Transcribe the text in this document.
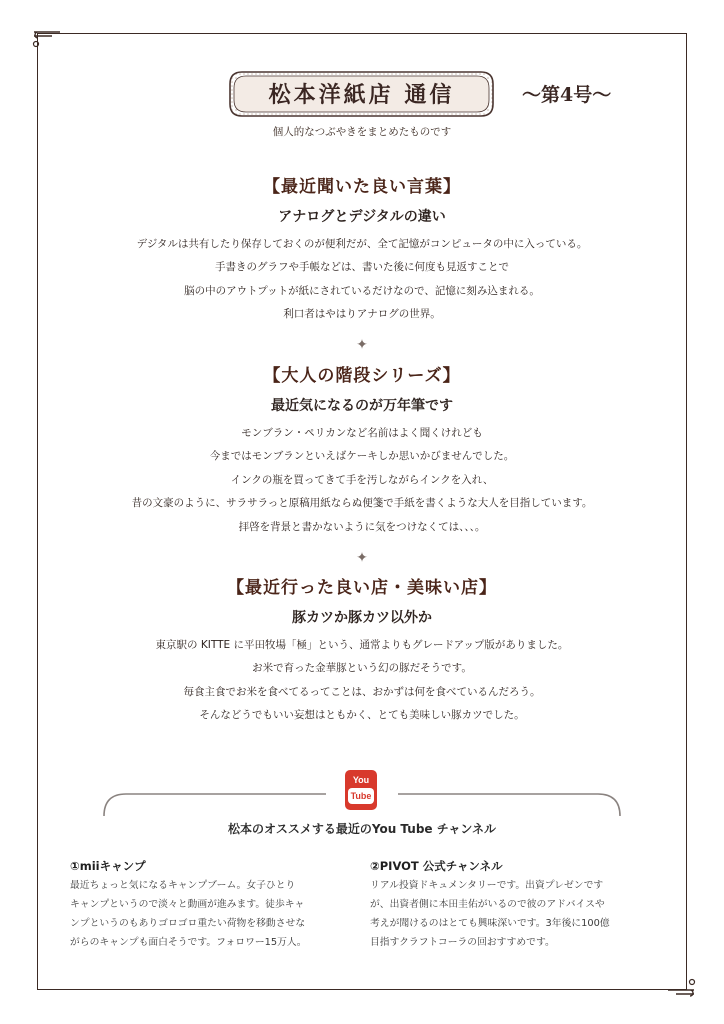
松本洋紙店 通信	〜第4号〜
個人的なつぶやきをまとめたものです
【最近聞いた良い言葉】
アナログとデジタルの違い
デジタルは共有したり保存しておくのが便利だが、全て記憶がコンピュータの中に入っている。
手書きのグラフや手帳などは、書いた後に何度も見返すことで
脳の中のアウトプットが紙にされているだけなので、記憶に刻み込まれる。
利口者はやはりアナログの世界。
✦
【大人の階段シリーズ】
最近気になるのが万年筆です
モンブラン・ペリカンなど名前はよく聞くけれども
今まではモンブランといえばケーキしか思いかびませんでした。
インクの瓶を買ってきて手を汚しながらインクを入れ、
昔の文豪のように、サラサラっと原稿用紙ならぬ便箋で手紙を書くような大人を目指しています。
拝啓を背景と書かないように気をつけなくては、、、。
✦
【最近行った良い店・美味い店】
豚カツか豚カツ以外か
東京駅の KITTE に平田牧場「極」という、通常よりもグレードアップ版がありました。
お米で育った金華豚という幻の豚だそうです。
毎食主食でお米を食べてるってことは、おかずは何を食べているんだろう。
そんなどうでもいい妄想はともかく、とても美味しい豚カツでした。
You
Tube
松本のオススメする最近のYou Tube チャンネル
①miiキャンプ
最近ちょっと気になるキャンプブーム。女子ひとり
キャンプというので淡々と動画が進みます。徒歩キャ
ンプというのもありゴロゴロ重たい荷物を移動させな
がらのキャンプも面白そうです。フォロワー15万人。
②PIVOT 公式チャンネル
リアル投資ドキュメンタリーです。出資プレゼンです
が、出資者側に本田圭佑がいるので彼のアドバイスや
考えが聞けるのはとても興味深いです。3年後に100億
目指すクラフトコーラの回おすすめです。
